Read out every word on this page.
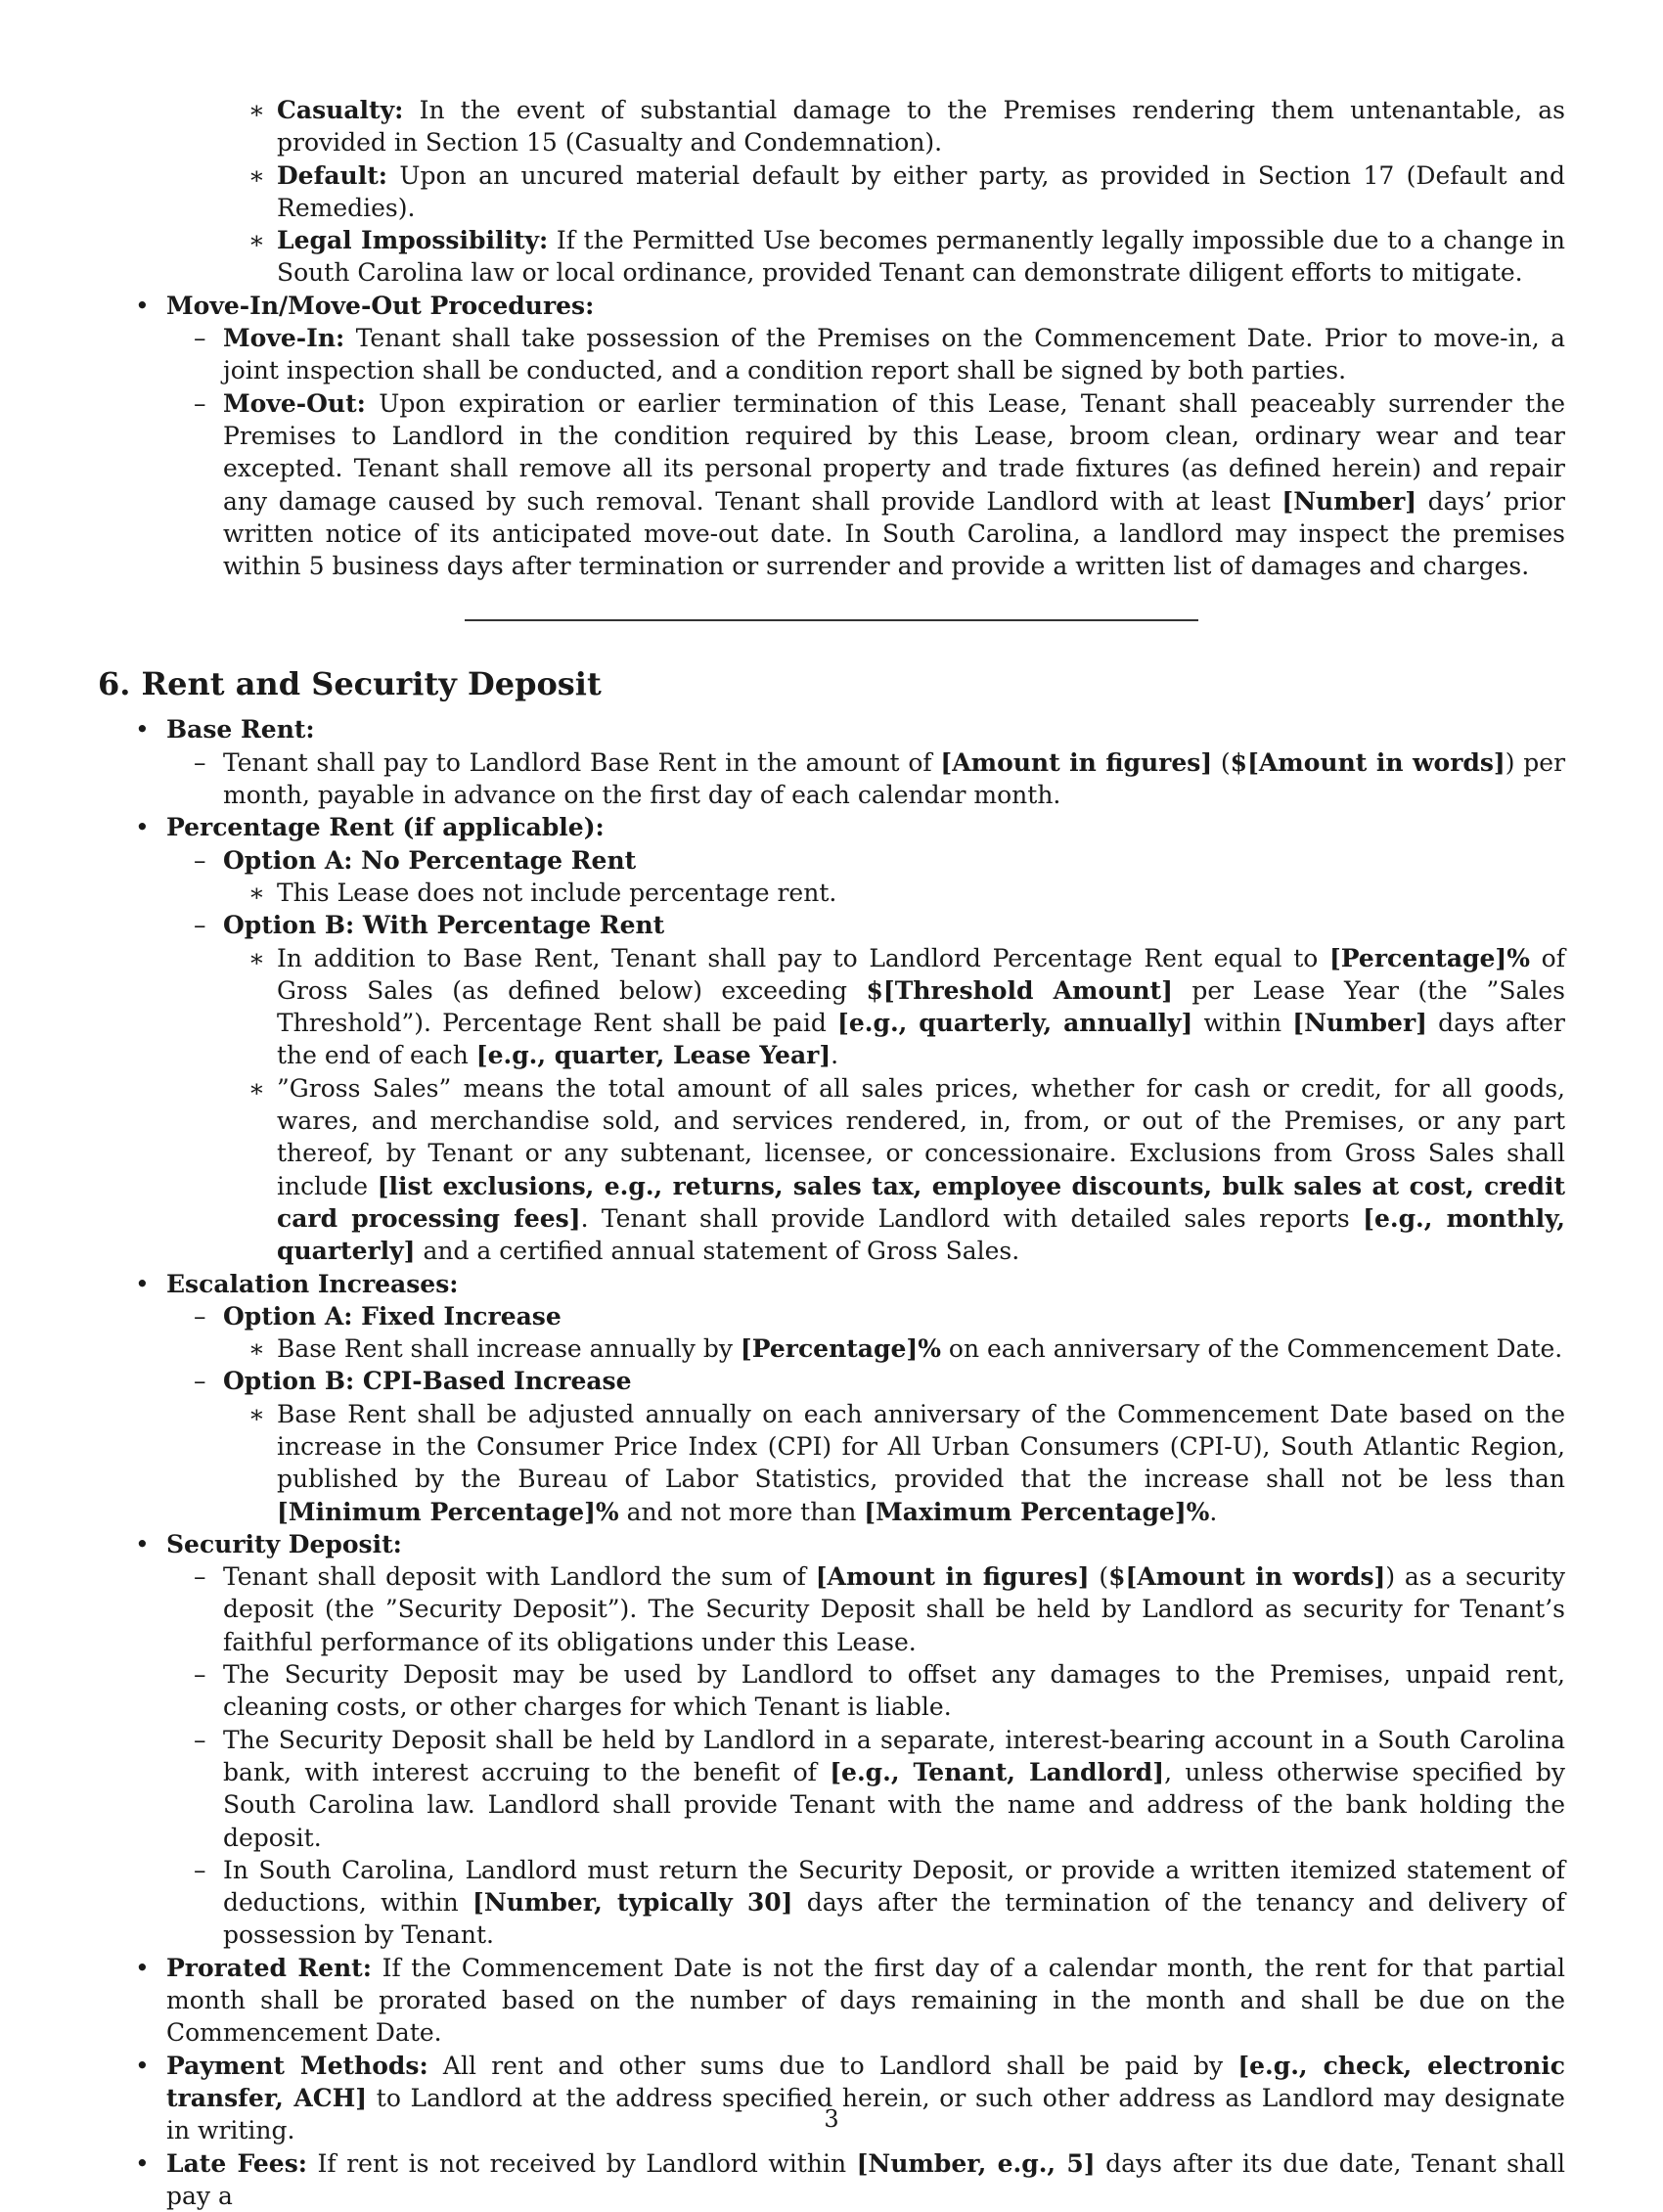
∗ Casualty: In the event of substantial damage to the Premises rendering them untenantable, as provided in Section 15 (Casualty and Condemnation).
∗ Default: Upon an uncured material default by either party, as provided in Section 17 (Default and Remedies).
∗ Legal Impossibility: If the Permitted Use becomes permanently legally impossible due to a change in South Carolina law or local ordinance, provided Tenant can demonstrate diligent efforts to mitigate.
• Move-In/Move-Out Procedures:
– Move-In: Tenant shall take possession of the Premises on the Commencement Date. Prior to move-in, a joint inspection shall be conducted, and a condition report shall be signed by both parties.
– Move-Out: Upon expiration or earlier termination of this Lease, Tenant shall peaceably surrender the Premises to Landlord in the condition required by this Lease, broom clean, ordinary wear and tear excepted. Tenant shall remove all its personal property and trade fixtures (as defined herein) and repair any damage caused by such removal. Tenant shall provide Landlord with at least [Number] days’ prior written notice of its anticipated move-out date. In South Carolina, a landlord may inspect the premises within 5 business days after termination or surrender and provide a written list of damages and charges.
6. Rent and Security Deposit
• Base Rent:
– Tenant shall pay to Landlord Base Rent in the amount of [Amount in figures] ($[Amount in words]) per month, payable in advance on the first day of each calendar month.
• Percentage Rent (if applicable):
– Option A: No Percentage Rent
∗ This Lease does not include percentage rent.
– Option B: With Percentage Rent
∗ In addition to Base Rent, Tenant shall pay to Landlord Percentage Rent equal to [Percentage]% of Gross Sales (as defined below) exceeding $[Threshold Amount] per Lease Year (the ”Sales Threshold”). Percentage Rent shall be paid [e.g., quarterly, annually] within [Number] days after the end of each [e.g., quarter, Lease Year].
∗ ”Gross Sales” means the total amount of all sales prices, whether for cash or credit, for all goods, wares, and merchandise sold, and services rendered, in, from, or out of the Premises, or any part thereof, by Tenant or any subtenant, licensee, or concessionaire. Exclusions from Gross Sales shall include [list exclusions, e.g., returns, sales tax, employee discounts, bulk sales at cost, credit card processing fees]. Tenant shall provide Landlord with detailed sales reports [e.g., monthly, quarterly] and a certified annual statement of Gross Sales.
• Escalation Increases:
– Option A: Fixed Increase
∗ Base Rent shall increase annually by [Percentage]% on each anniversary of the Commencement Date.
– Option B: CPI-Based Increase
∗ Base Rent shall be adjusted annually on each anniversary of the Commencement Date based on the increase in the Consumer Price Index (CPI) for All Urban Consumers (CPI-U), South Atlantic Region, published by the Bureau of Labor Statistics, provided that the increase shall not be less than [Minimum Percentage]% and not more than [Maximum Percentage]%.
• Security Deposit:
– Tenant shall deposit with Landlord the sum of [Amount in figures] ($[Amount in words]) as a security deposit (the ”Security Deposit”). The Security Deposit shall be held by Landlord as security for Tenant’s faithful performance of its obligations under this Lease.
– The Security Deposit may be used by Landlord to offset any damages to the Premises, unpaid rent, cleaning costs, or other charges for which Tenant is liable.
– The Security Deposit shall be held by Landlord in a separate, interest-bearing account in a South Carolina bank, with interest accruing to the benefit of [e.g., Tenant, Landlord], unless otherwise specified by South Carolina law. Landlord shall provide Tenant with the name and address of the bank holding the deposit.
– In South Carolina, Landlord must return the Security Deposit, or provide a written itemized statement of deductions, within [Number, typically 30] days after the termination of the tenancy and delivery of possession by Tenant.
• Prorated Rent: If the Commencement Date is not the first day of a calendar month, the rent for that partial month shall be prorated based on the number of days remaining in the month and shall be due on the Commencement Date.
• Payment Methods: All rent and other sums due to Landlord shall be paid by [e.g., check, electronic transfer, ACH] to Landlord at the address specified herein, or such other address as Landlord may designate in writing.
• Late Fees: If rent is not received by Landlord within [Number, e.g., 5] days after its due date, Tenant shall pay a
3
